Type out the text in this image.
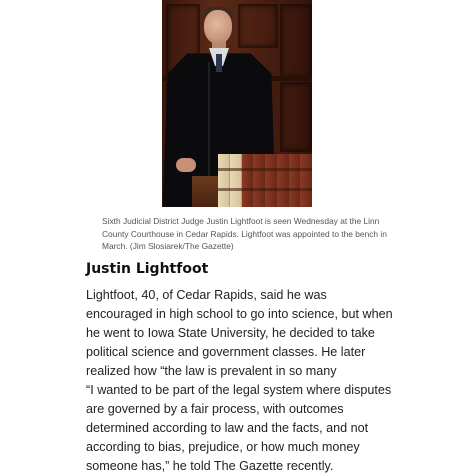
Sixth Judicial District Judge Justin Lightfoot is seen Wednesday at the Linn County Courthouse in Cedar Rapids. Lightfoot was appointed to the bench in March. (Jim Slosiarek/The Gazette)

Justin Lightfoot

Lightfoot, 40, of Cedar Rapids, said he was encouraged in high school to go into science, but when he went to Iowa State University, he decided to take political science and government classes. He later realized how “the law is prevalent in so many

“I wanted to be part of the legal system where disputes are governed by a fair process, with outcomes determined according to law and the facts, and not according to bias, prejudice, or how much money someone has,” he told The Gazette recently.
